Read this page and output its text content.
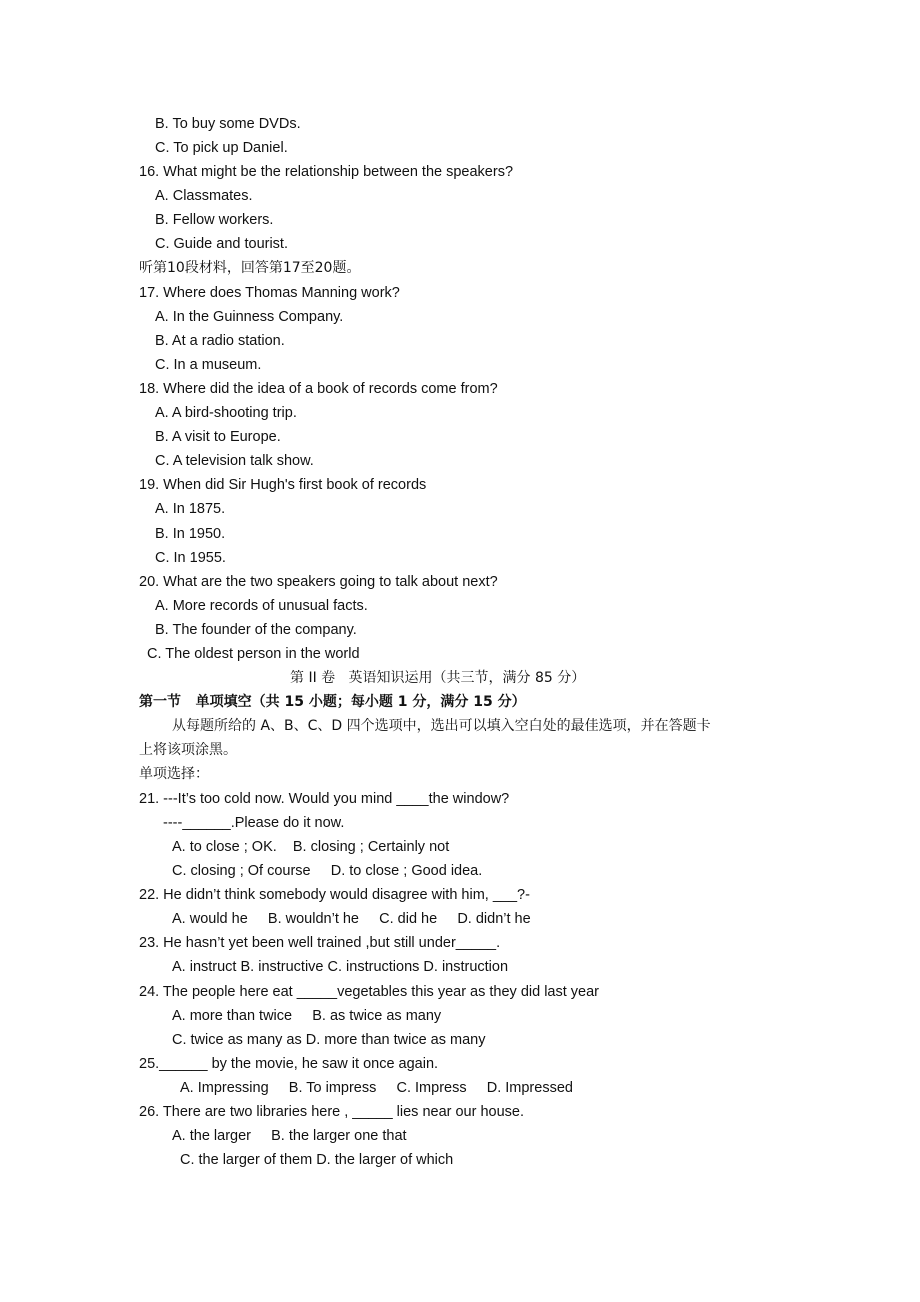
B. To buy some DVDs.
C. To pick up Daniel.
16. What might be the relationship between the speakers?
A. Classmates.
B. Fellow workers.
C. Guide and tourist.
听第10段材料，回答第17至20题。
17. Where does Thomas Manning work?
A. In the Guinness Company.
B. At a radio station.
C. In a museum.
18. Where did the idea of a book of records come from?
A. A bird-shooting trip.
B. A visit to Europe.
C. A television talk show.
19. When did Sir Hugh's first book of records
A. In 1875.
B. In 1950.
C. In 1955.
20. What are the two speakers going to talk about next?
A. More records of unusual facts.
B. The founder of the company.
C. The oldest person in the world
第 II 卷   英语知识运用（共三节，满分 85 分）
第一节   单项填空（共 15 小题；每小题 1 分，满分 15 分）
从每题所给的 A、B、C、D 四个选项中，选出可以填入空白处的最佳选项，并在答题卡
上将该项涂黑。
单项选择：
21. ---It’s too cold now. Would you mind ____the window?
----______.Please do it now.
A. to close ; OK.    B. closing ; Certainly not
C. closing ; Of course     D. to close ; Good idea.
22. He didn’t think somebody would disagree with him, ___?-
A. would he     B. wouldn’t he     C. did he     D. didn’t he
23. He hasn’t yet been well trained ,but still under_____.
A. instruct B. instructive C. instructions D. instruction
24. The people here eat _____vegetables this year as they did last year
A. more than twice     B. as twice as many
C. twice as many as D. more than twice as many
25.______ by the movie, he saw it once again.
A. Impressing     B. To impress     C. Impress     D. Impressed
26. There are two libraries here , _____ lies near our house.
A. the larger     B. the larger one that
C. the larger of them D. the larger of which
